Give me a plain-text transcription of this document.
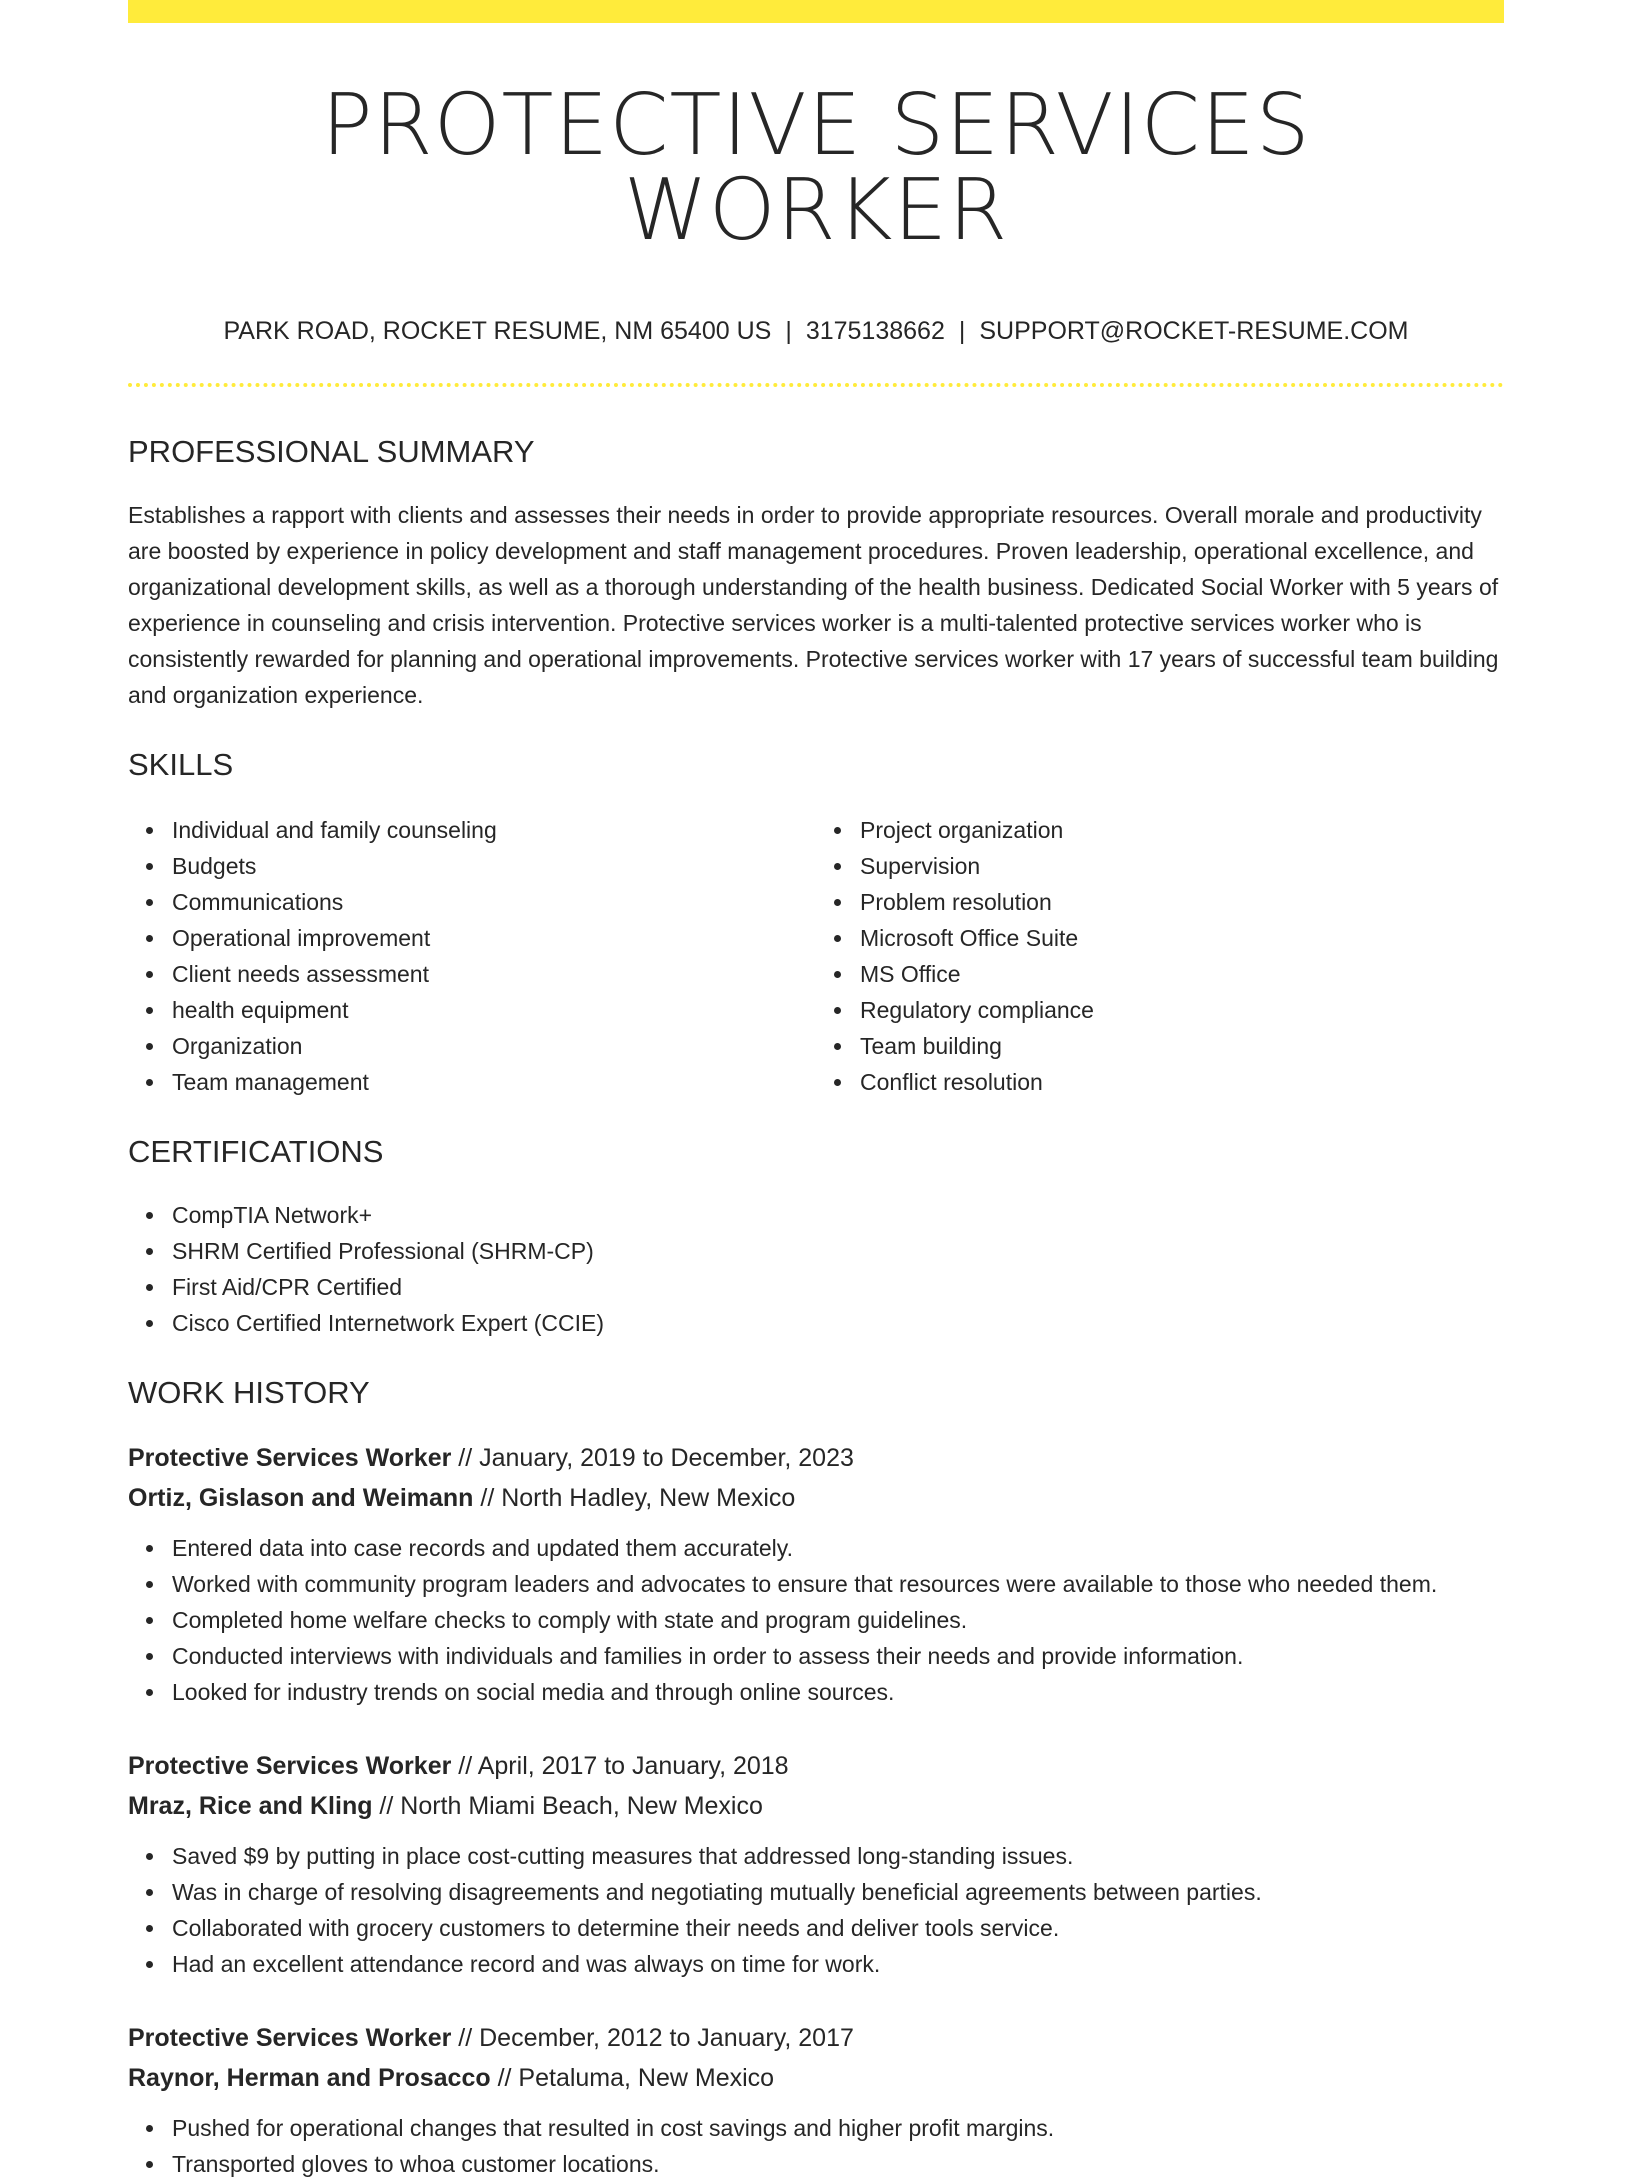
PROTECTIVE SERVICES WORKER
PARK ROAD, ROCKET RESUME, NM 65400 US | 3175138662 | SUPPORT@ROCKET-RESUME.COM
PROFESSIONAL SUMMARY

Establishes a rapport with clients and assesses their needs in order to provide appropriate resources. Overall morale and productivity are boosted by experience in policy development and staff management procedures. Proven leadership, operational excellence, and organizational development skills, as well as a thorough understanding of the health business. Dedicated Social Worker with 5 years of experience in counseling and crisis intervention. Protective services worker is a multi-talented protective services worker who is consistently rewarded for planning and operational improvements. Protective services worker with 17 years of successful team building and organization experience.

SKILLS
Individual and family counseling
Budgets
Communications
Operational improvement
Client needs assessment
health equipment
Organization
Team management
Project organization
Supervision
Problem resolution
Microsoft Office Suite
MS Office
Regulatory compliance
Team building
Conflict resolution
CERTIFICATIONS
CompTIA Network+
SHRM Certified Professional (SHRM-CP)
First Aid/CPR Certified
Cisco Certified Internetwork Expert (CCIE)
WORK HISTORY
Protective Services Worker // January, 2019 to December, 2023
Ortiz, Gislason and Weimann // North Hadley, New Mexico
Entered data into case records and updated them accurately.
Worked with community program leaders and advocates to ensure that resources were available to those who needed them.
Completed home welfare checks to comply with state and program guidelines.
Conducted interviews with individuals and families in order to assess their needs and provide information.
Looked for industry trends on social media and through online sources.
Protective Services Worker // April, 2017 to January, 2018
Mraz, Rice and Kling // North Miami Beach, New Mexico
Saved $9 by putting in place cost-cutting measures that addressed long-standing issues.
Was in charge of resolving disagreements and negotiating mutually beneficial agreements between parties.
Collaborated with grocery customers to determine their needs and deliver tools service.
Had an excellent attendance record and was always on time for work.
Protective Services Worker // December, 2012 to January, 2017
Raynor, Herman and Prosacco // Petaluma, New Mexico
Pushed for operational changes that resulted in cost savings and higher profit margins.
Transported gloves to whoa customer locations.
